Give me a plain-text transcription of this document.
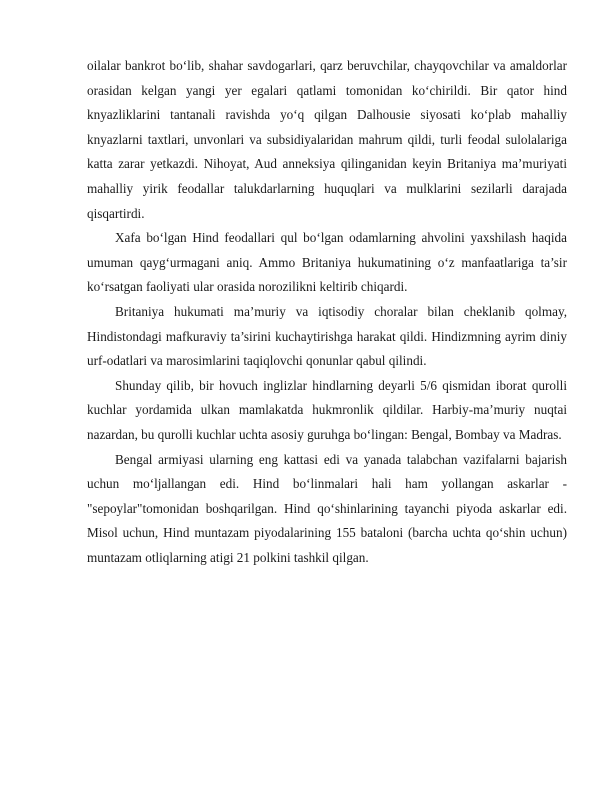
oilalar bankrot bo‘lib, shahar savdogarlari, qarz beruvchilar, chayqovchilar va amaldorlar orasidan kelgan yangi yer egalari qatlami tomonidan ko‘chirildi. Bir qator hind knyazliklarini tantanali ravishda yo‘q qilgan Dalhousie siyosati ko‘plab mahalliy knyazlarni taxtlari, unvonlari va subsidiyalaridan mahrum qildi, turli feodal sulolalariga katta zarar yetkazdi. Nihoyat, Aud anneksiya qilinganidan keyin Britaniya ma’muriyati mahalliy yirik feodallar talukdarlarning huquqlari va mulklarini sezilarli darajada qisqartirdi.

Xafa bo‘lgan Hind feodallari qul bo‘lgan odamlarning ahvolini yaxshilash haqida umuman qayg‘urmagani aniq. Ammo Britaniya hukumatining o‘z manfaatlariga ta’sir ko‘rsatgan faoliyati ular orasida norozilikni keltirib chiqardi.

Britaniya hukumati ma’muriy va iqtisodiy choralar bilan cheklanib qolmay, Hindistondagi mafkuraviy ta’sirini kuchaytirishga harakat qildi. Hindizmning ayrim diniy urf-odatlari va marosimlarini taqiqlovchi qonunlar qabul qilindi.

Shunday qilib, bir hovuch inglizlar hindlarning deyarli 5/6 qismidan iborat qurolli kuchlar yordamida ulkan mamlakatda hukmronlik qildilar. Harbiy-ma’muriy nuqtai nazardan, bu qurolli kuchlar uchta asosiy guruhga bo‘lingan: Bengal, Bombay va Madras.

Bengal armiyasi ularning eng kattasi edi va yanada talabchan vazifalarni bajarish uchun mo‘ljallangan edi. Hind bo‘linmalari hali ham yollangan askarlar - "sepoylar"tomonidan boshqarilgan. Hind qo‘shinlarining tayanchi piyoda askarlar edi. Misol uchun, Hind muntazam piyodalarining 155 bataloni (barcha uchta qo‘shin uchun) muntazam otliqlarning atigi 21 polkini tashkil qilgan.
